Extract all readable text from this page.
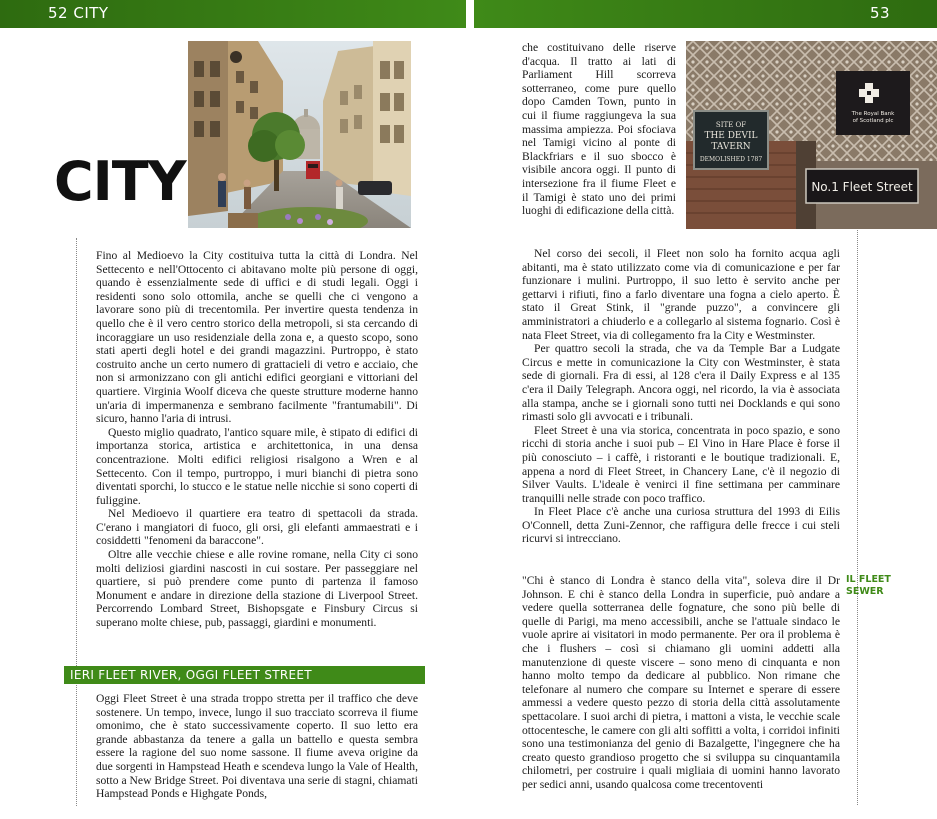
52 CITY	53
CITY
SITE OF
THE DEVIL
TAVERN
DEMOLISHED 1787
The Royal Bank
of Scotland plc
No.1 Fleet Street

Fino al Medioevo la City costituiva tutta la città di Londra. Nel Settecento e nell'Ottocento ci abitavano molte più persone di oggi, quando è essenzialmente sede di uffici e di studi legali. Oggi i residenti sono solo ottomila, anche se quelli che ci vengono a lavorare sono più di trecentomila. Per invertire questa tendenza in quello che è il vero centro storico della metropoli, si sta cercando di incoraggiare un uso residenziale della zona e, a questo scopo, sono stati aperti degli hotel e dei grandi magazzini. Purtroppo, è stato costruito anche un certo numero di grattacieli di vetro e acciaio, che non si armonizzano con gli antichi edifici georgiani e vittoriani del quartiere. Virginia Woolf diceva che queste strutture moderne hanno un'aria di impermanenza e sembrano facilmente "frantumabili". Di sicuro, hanno l'aria di intrusi.

Questo miglio quadrato, l'antico square mile, è stipato di edifici di importanza storica, artistica e architettonica, in una densa concentrazione. Molti edifici religiosi risalgono a Wren e al Settecento. Con il tempo, purtroppo, i muri bianchi di pietra sono diventati sporchi, lo stucco e le statue nelle nicchie si sono coperti di fuliggine.

Nel Medioevo il quartiere era teatro di spettacoli da strada. C'erano i mangiatori di fuoco, gli orsi, gli elefanti ammaestrati e i cosiddetti "fenomeni da baraccone".

Oltre alle vecchie chiese e alle rovine romane, nella City ci sono molti deliziosi giardini nascosti in cui sostare. Per passeggiare nel quartiere, si può prendere come punto di partenza il famoso Monument e andare in direzione della stazione di Liverpool Street. Percorrendo Lombard Street, Bishopsgate e Finsbury Circus si superano molte chiese, pub, passaggi, giardini e monumenti.

IERI FLEET RIVER, OGGI FLEET STREET

Oggi Fleet Street è una strada troppo stretta per il traffico che deve sostenere. Un tempo, invece, lungo il suo tracciato scorreva il fiume omonimo, che è stato successivamente coperto. Il suo letto era grande abbastanza da tenere a galla un battello e questa sembra essere la ragione del suo nome sassone. Il fiume aveva origine da due sorgenti in Hampstead Heath e scendeva lungo la Vale of Health, sotto a New Bridge Street. Poi diventava una serie di stagni, chiamati Hampstead Ponds e Highgate Ponds,

che costituivano delle riserve d'acqua. Il tratto ai lati di Parliament Hill scorreva sotterraneo, come pure quello dopo Camden Town, punto in cui il fiume raggiungeva la sua massima ampiezza. Poi sfociava nel Tamigi vicino al ponte di Blackfriars e il suo sbocco è visibile ancora oggi. Il punto di intersezione fra il fiume Fleet e il Tamigi è stato uno dei primi luoghi di edificazione della città.

Nel corso dei secoli, il Fleet non solo ha fornito acqua agli abitanti, ma è stato utilizzato come via di comunicazione e per far funzionare i mulini. Purtroppo, il suo letto è servito anche per gettarvi i rifiuti, fino a farlo diventare una fogna a cielo aperto. È stato il Great Stink, il "grande puzzo", a convincere gli amministratori a chiuderlo e a collegarlo al sistema fognario. Così è nata Fleet Street, via di collegamento fra la City e Westminster.

Per quattro secoli la strada, che va da Temple Bar a Ludgate Circus e mette in comunicazione la City con Westminster, è stata sede di giornali. Fra di essi, al 128 c'era il Daily Express e al 135 c'era il Daily Telegraph. Ancora oggi, nel ricordo, la via è associata alla stampa, anche se i giornali sono tutti nei Docklands e qui sono rimasti solo gli avvocati e i tribunali.

Fleet Street è una via storica, concentrata in poco spazio, e sono ricchi di storia anche i suoi pub – El Vino in Hare Place è forse il più conosciuto – i caffè, i ristoranti e le boutique tradizionali. E, appena a nord di Fleet Street, in Chancery Lane, c'è il negozio di Silver Vaults. L'ideale è venirci il fine settimana per camminare tranquilli nelle strade con poco traffico.

In Fleet Place c'è anche una curiosa struttura del 1993 di Eilis O'Connell, detta Zuni-Zennor, che raffigura delle frecce i cui steli ricurvi si intrecciano.

"Chi è stanco di Londra è stanco della vita", soleva dire il Dr Johnson. E chi è stanco della Londra in superficie, può andare a vedere quella sotterranea delle fognature, che sono più belle di quelle di Parigi, ma meno accessibili, anche se l'attuale sindaco le vuole aprire ai visitatori in modo permanente. Per ora il problema è che i flushers – così si chiamano gli uomini addetti alla manutenzione di queste viscere – sono meno di cinquanta e non hanno molto tempo da dedicare al pubblico. Non rimane che telefonare al numero che compare su Internet e sperare di essere ammessi a vedere questo pezzo di storia della città assolutamente spettacolare. I suoi archi di pietra, i mattoni a vista, le vecchie scale ottocentesche, le camere con gli alti soffitti a volta, i corridoi infiniti sono una testimonianza del genio di Bazalgette, l'ingegnere che ha creato questo grandioso progetto che si sviluppa su cinquantamila chilometri, per costruire i quali migliaia di uomini hanno lavorato per sedici anni, usando qualcosa come trecentoventi

IL FLEET
SEWER
